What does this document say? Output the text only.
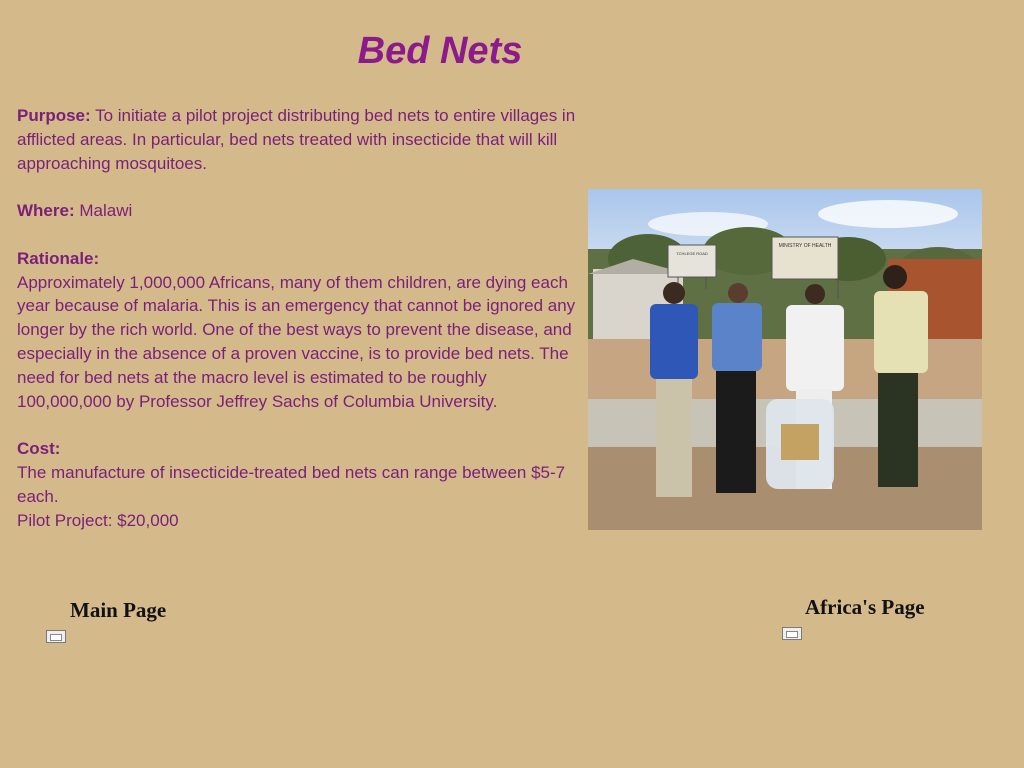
Bed Nets

Purpose: To initiate a pilot project distributing bed nets to entire villages in afflicted areas. In particular, bed nets treated with insecticide that will kill approaching mosquitoes.

Where: Malawi

Rationale:
Approximately 1,000,000 Africans, many of them children, are dying each year because of malaria. This is an emergency that cannot be ignored any longer by the rich world. One of the best ways to prevent the disease, and especially in the absence of a proven vaccine, is to provide bed nets. The need for bed nets at the macro level is estimated to be roughly 100,000,000 by Professor Jeffrey Sachs of Columbia University.

Cost:
The manufacture of insecticide-treated bed nets can range between $5-7 each.
Pilot Project: $20,000

TCHLEGE ROAD
MINISTRY OF HEALTH
Main Page	Africa's Page
